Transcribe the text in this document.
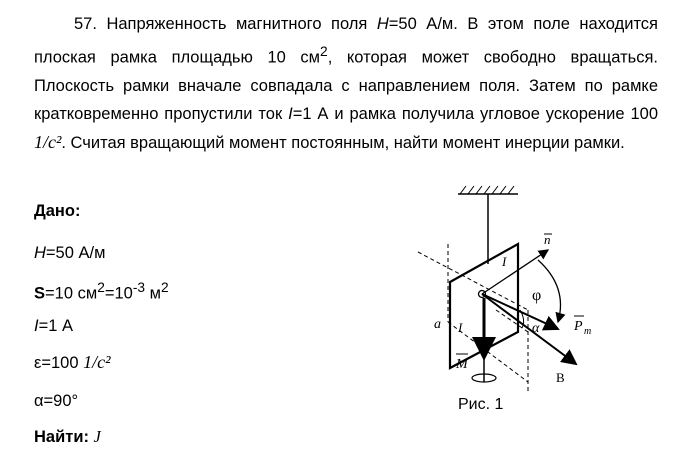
57. Напряженность магнитного поля H=50 А/м. В этом поле находится плоская рамка площадью 10 $см^2$, которая может свободно вращаться. Плоскость рамки вначале совпадала с направлением поля. Затем по рамке кратковременно пропустили ток I=1 А и рамка получила угловое ускорение 100 1/c². Считая вращающий момент постоянным, найти момент инерции рамки.

Дано:
H=50 А/м
S=10 $см^2=10^{-3}$ $м^2$
I=1 А
ε=100 1/c²
α=90°
Найти: J
n
I
φ
a I	α P m
M
B
Рис. 1
